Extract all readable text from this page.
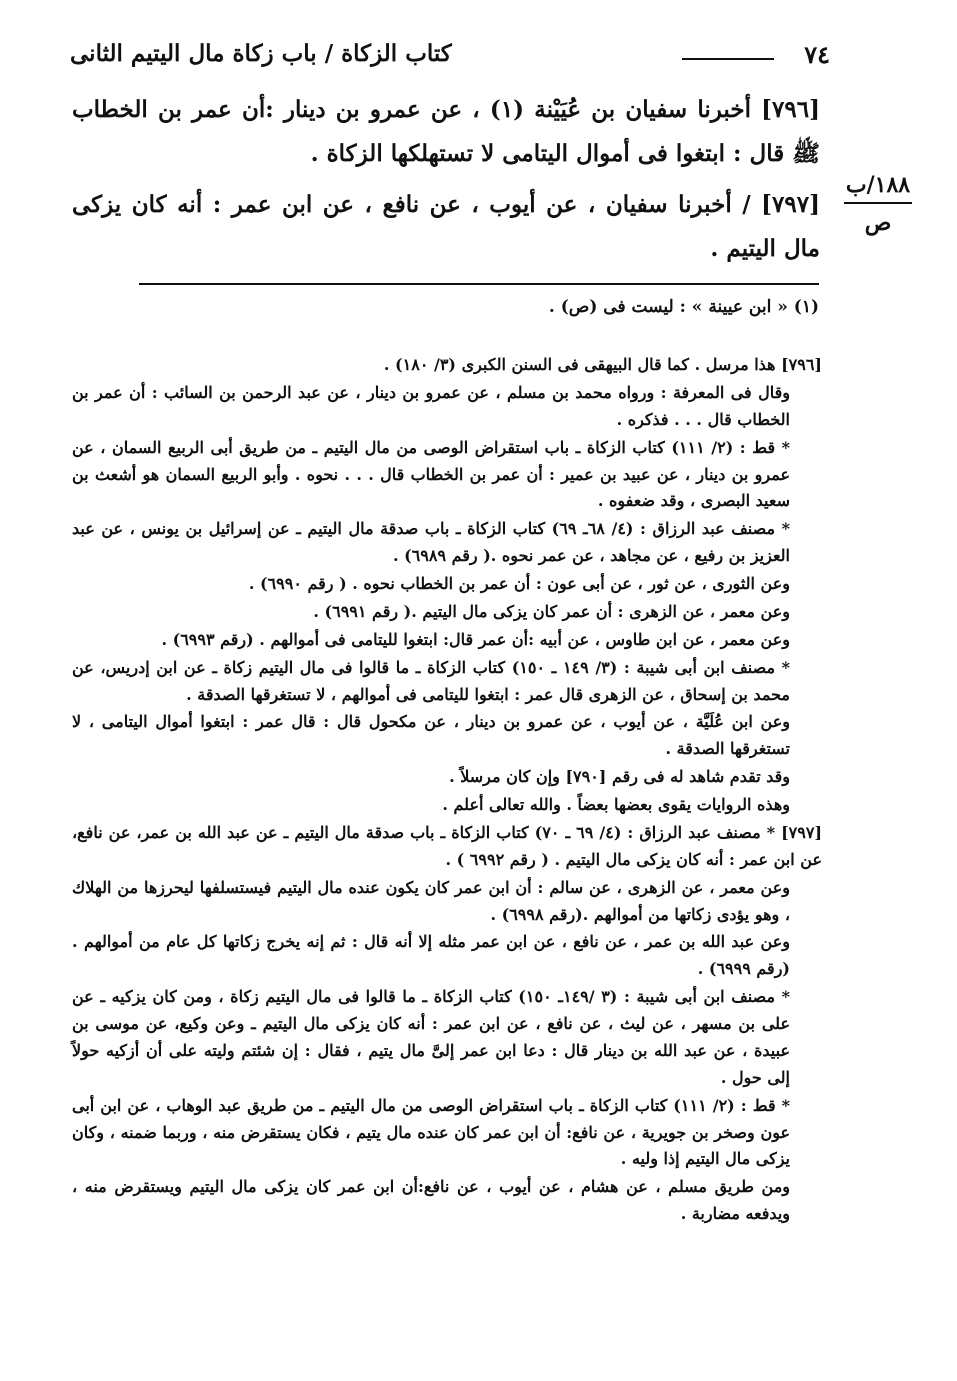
٧٤
كتاب الزكاة / باب زكاة مال اليتيم الثانى
١٨٨/ب
ص

[٧٩٦] أخبرنا سفيان بن عُيَيْنة (١) ، عن عمرو بن دينار :أن عمر بن الخطاب ﷺ قال : ابتغوا فى أموال اليتامى لا تستهلكها الزكاة .

[٧٩٧] / أخبرنا سفيان ، عن أيوب ، عن نافع ، عن ابن عمر : أنه كان يزكى مال اليتيم .

(١) « ابن عيينة » : ليست فى (ص) .

[٧٩٦] هذا مرسل . كما قال البيهقى فى السنن الكبرى (٣/ ١٨٠) .

وقال فى المعرفة : ورواه محمد بن مسلم ، عن عمرو بن دينار ، عن عبد الرحمن بن السائب : أن عمر بن الخطاب قال . . . فذكره .

* قط : (٢/ ١١١) كتاب الزكاة ـ باب استقراض الوصى من مال اليتيم ـ من طريق أبى الربيع السمان ، عن عمرو بن دينار ، عن عبيد بن عمير : أن عمر بن الخطاب قال . . . نحوه . وأبو الربيع السمان هو أشعث بن سعيد البصرى ، وقد ضعفوه .

* مصنف عبد الرزاق : (٤/ ٦٨ـ ٦٩) كتاب الزكاة ـ باب صدقة مال اليتيم ـ عن إسرائيل بن يونس ، عن عبد العزيز بن رفيع ، عن مجاهد ، عن عمر نحوه .( رقم ٦٩٨٩) .

وعن الثورى ، عن ثور ، عن أبى عون : أن عمر بن الخطاب نحوه . ( رقم ٦٩٩٠) .

وعن معمر ، عن الزهرى : أن عمر كان يزكى مال اليتيم .( رقم ٦٩٩١) .

وعن معمر ، عن ابن طاوس ، عن أبيه :أن عمر قال: ابتغوا لليتامى فى أموالهم . (رقم ٦٩٩٣) .

* مصنف ابن أبى شيبة : (٣/ ١٤٩ ـ ١٥٠) كتاب الزكاة ـ ما قالوا فى مال اليتيم زكاة ـ عن ابن إدريس، عن محمد بن إسحاق ، عن الزهرى قال عمر : ابتغوا لليتامى فى أموالهم ، لا تستغرقها الصدقة .

وعن ابن عُلَيَّة ، عن أيوب ، عن عمرو بن دينار ، عن مكحول قال : قال عمر : ابتغوا أموال اليتامى ، لا تستغرقها الصدقة .

وقد تقدم شاهد له فى رقم [٧٩٠] وإن كان مرسلاً .

وهذه الروايات يقوى بعضها بعضاً . والله تعالى أعلم .

[٧٩٧] * مصنف عبد الرزاق : (٤/ ٦٩ ـ ٧٠) كتاب الزكاة ـ باب صدقة مال اليتيم ـ عن عبد الله بن عمر، عن نافع، عن ابن عمر : أنه كان يزكى مال اليتيم . ( رقم ٦٩٩٢ ) .

وعن معمر ، عن الزهرى ، عن سالم : أن ابن عمر كان يكون عنده مال اليتيم فيستسلفها ليحرزها من الهلاك ، وهو يؤدى زكاتها من أموالهم .(رقم ٦٩٩٨) .

وعن عبد الله بن عمر ، عن نافع ، عن ابن عمر مثله إلا أنه قال : ثم إنه يخرج زكاتها كل عام من أموالهم . (رقم ٦٩٩٩) .

* مصنف ابن أبى شيبة : (٣ /١٤٩ـ ١٥٠) كتاب الزكاة ـ ما قالوا فى مال اليتيم زكاة ، ومن كان يزكيه ـ عن على بن مسهر ، عن ليث ، عن نافع ، عن ابن عمر : أنه كان يزكى مال اليتيم ـ وعن وكيع، عن موسى بن عبيدة ، عن عبد الله بن دينار قال : دعا ابن عمر إلىَّ مال يتيم ، فقال : إن شئتم وليته على أن أزكيه حولاً إلى حول .

* قط : (٢/ ١١١) كتاب الزكاة ـ باب استقراض الوصى من مال اليتيم ـ من طريق عبد الوهاب ، عن ابن أبى عون وصخر بن جويرية ، عن نافع: أن ابن عمر كان عنده مال يتيم ، فكان يستقرض منه ، وربما ضمنه ، وكان يزكى مال اليتيم إذا وليه .

ومن طريق مسلم ، عن هشام ، عن أيوب ، عن نافع:أن ابن عمر كان يزكى مال اليتيم ويستقرض منه ، ويدفعه مضاربة .
